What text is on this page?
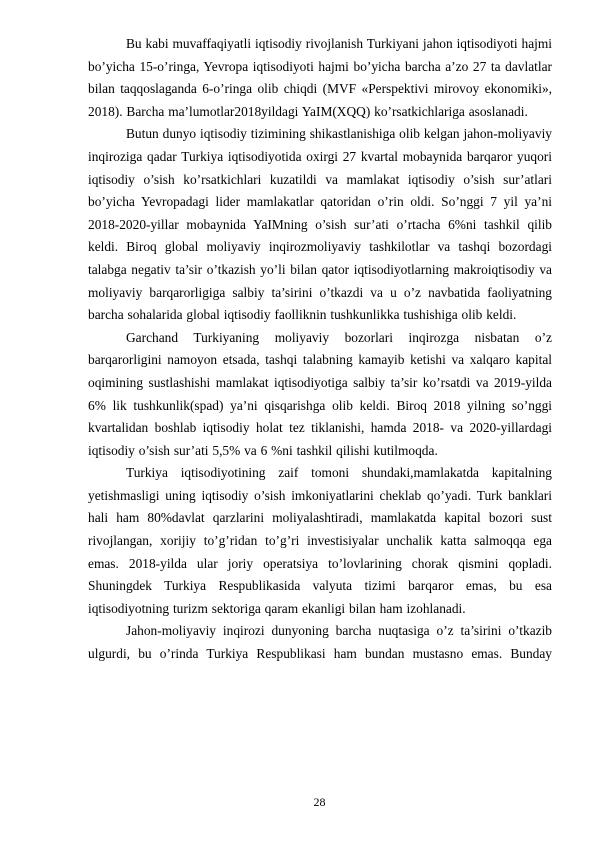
Bu kabi muvaffaqiyatli iqtisodiy rivojlanish Turkiyani jahon iqtisodiyoti hajmi bo’yicha 15-o’ringa, Yevropa iqtisodiyoti hajmi bo’yicha barcha a’zo 27 ta davlatlar bilan taqqoslaganda 6-o’ringa olib chiqdi (MVF «Perspektivi mirovoy ekonomiki», 2018). Barcha ma’lumotlar2018yildagi YaIM(XQQ) ko’rsatkichlariga asoslanadi.

Butun dunyo iqtisodiy tizimining shikastlanishiga olib kelgan jahon-moliyaviy inqiroziga qadar Turkiya iqtisodiyotida oxirgi 27 kvartal mobaynida barqaror yuqori iqtisodiy o’sish ko’rsatkichlari kuzatildi va mamlakat iqtisodiy o’sish sur’atlari bo’yicha Yevropadagi lider mamlakatlar qatoridan o’rin oldi. So’nggi 7 yil ya’ni 2018-2020-yillar mobaynida YaIMning o’sish sur’ati o’rtacha 6%ni tashkil qilib keldi. Biroq global moliyaviy inqirozmoliyaviy tashkilotlar va tashqi bozordagi talabga negativ ta’sir o’tkazish yo’li bilan qator iqtisodiyotlarning makroiqtisodiy va moliyaviy barqarorligiga salbiy ta’sirini o’tkazdi va u o’z navbatida faoliyatning barcha sohalarida global iqtisodiy faolliknin tushkunlikka tushishiga olib keldi.

Garchand Turkiyaning moliyaviy bozorlari inqirozga nisbatan o’z barqarorligini namoyon etsada, tashqi talabning kamayib ketishi va xalqaro kapital oqimining sustlashishi mamlakat iqtisodiyotiga salbiy ta’sir ko’rsatdi va 2019-yilda 6% lik tushkunlik(spad) ya’ni qisqarishga olib keldi. Biroq 2018 yilning so’nggi kvartalidan boshlab iqtisodiy holat tez tiklanishi, hamda 2018- va 2020-yillardagi iqtisodiy o’sish sur’ati 5,5% va 6 %ni tashkil qilishi kutilmoqda.

Turkiya iqtisodiyotining zaif tomoni shundaki,mamlakatda kapitalning yetishmasligi uning iqtisodiy o’sish imkoniyatlarini cheklab qo’yadi. Turk banklari hali ham 80%davlat qarzlarini moliyalashtiradi, mamlakatda kapital bozori sust rivojlangan, xorijiy to’g’ridan to’g’ri investisiyalar unchalik katta salmoqqa ega emas. 2018-yilda ular joriy operatsiya to’lovlarining chorak qismini qopladi. Shuningdek Turkiya Respublikasida valyuta tizimi barqaror emas, bu esa iqtisodiyotning turizm sektoriga qaram ekanligi bilan ham izohlanadi.

Jahon-moliyaviy inqirozi dunyoning barcha nuqtasiga o’z ta’sirini o’tkazib ulgurdi, bu o’rinda Turkiya Respublikasi ham bundan mustasno emas. Bunday

28
